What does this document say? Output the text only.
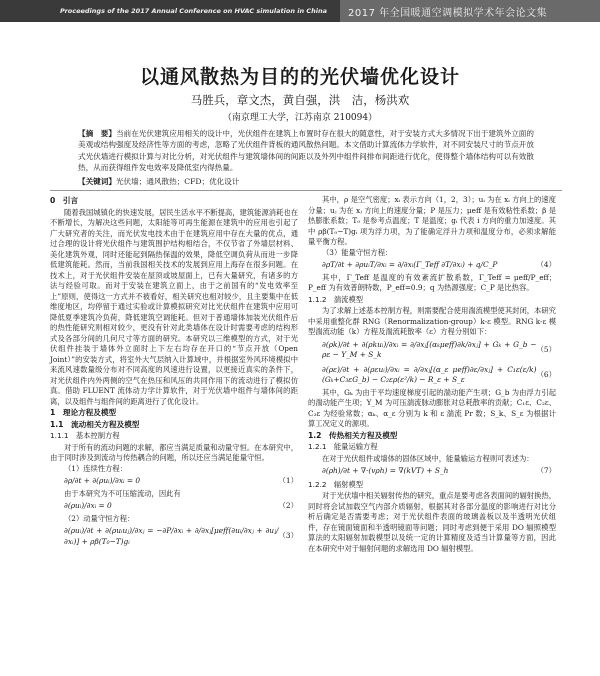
Proceedings of the 2017 Annual Conference on HVAC simulation in China	2017 年全国暖通空调模拟学术年会论文集
以通风散热为目的的光伏墙优化设计
马胜兵，章文杰，黄自强，洪　洁，杨洪欢
（南京理工大学，江苏南京 210094）
【摘　要】当前在光伏建筑应用相关的设计中，光伏组件在建筑上布置时存在很大的随意性，对于安装方式大多情况下出于建筑外立面的美观或结构强度及经济性等方面的考虑，忽略了光伏组件背板的通风散热问题。本文借助计算流体力学软件，对不同安装尺寸的节点开放式光伏墙进行模拟计算与对比分析，对光伏组件与建筑墙体间的间距以及外列中组件间排布间距进行优化，使得整个墙体结构可以有效散热，从而获得组件发电效率及降低室内得热量。
【关键词】光伏墙；通风散热；CFD；优化设计
0　引言

随着我国城镇化的快速发展，居民生活水平不断提高，建筑能源消耗也在不断增长，为解决这些问题，太阳能等可再生能源在建筑中的应用也引起了广大研究者的关注，而光伏发电技术由于在建筑应用中存在大量的优点，通过合理的设计将光伏组件与建筑围护结构相结合，不仅节省了外墙层材料、美化建筑外观，同时还能起到隔热保温的效果，降低空调负荷从而进一步降低建筑能耗。然而，当前我国相关技术的发展到应用上海存在很多问题。在技术上，对于光伏组件安装在屋顶或坡屋面上，已有大量研究，有诸多的方法与经验可取。而对于安装在建筑立面上，由于之前国有的“发电效率至上”原则，使得这一方式并不被看好，相关研究也相对较少，且主要集中在低维度地区，均停留于通过实验或计算模拟研究对比光伏组件在建筑中应用可降低夏季建筑冷负荷，降低建筑空调能耗。但对于普通墙体加装光伏组件后的热性能研究则相对较少，更没有针对此类墙体在设计时需要考虑的结构形式及各部分间的几何尺寸等方面的研究。本研究以三维模型的方式，对于光伏组件挂装于墙体外立面时上下左右均存在开口的“节点开放（Open Joint）”的安装方式，将室外大气层纳入计算域中，并根据室外风环境模拟中来流风速数量级分布对不同高度的风速进行设置，以更接近真实的条件下，对光伏组件内外两侧的空气在热压和风压的共同作用下的流动进行了模拟仿真。借助 FLUENT 流体动力学计算软件，对于光伏墙中组件与墙体间的距离，以及组件与组件间的距离进行了优化设计。

1　理论方程及模型
1.1　流动相关方程及模型
1.1.1　基本控制方程

对于所有的流动问题的求解，都应当满足质量和动量守恒。在本研究中，由于同时涉及到流动与传热耦合的问题，所以还应当满足能量守恒。

（1）连续性方程：
∂ρ/∂t + ∂(ρuᵢ)/∂xᵢ = 0	（1）
由于本研究为不可压缩流动，因此有
∂(ρuᵢ)/∂xᵢ = 0	（2）
（2）动量守恒方程：
∂(ρuᵢ)/∂t + ∂(ρuᵢuⱼ)/∂xⱼ = −∂P/∂xᵢ + ∂/∂xⱼ[μeff(∂uᵢ/∂xⱼ + ∂uⱼ/∂xᵢ)] + ρβ(T₀−T)gᵢ
（3）

其中，ρ 是空气密度；xᵢ 表示方向（1，2，3）；uᵢ 为在 xᵢ 方向上的速度分量；uⱼ 为在 xⱼ 方向上的速度分量；P 是压力；μeff 是有效粘性系数；β 是热膨胀系数；T₀ 是参考点温度；T 是温度；gᵢ 代表 i 方向的重力加速度。其中 ρβ(T₀−T)gᵢ 项为浮力项，为了能确定浮升力项和温度分布，必须求解能量平衡方程。

（3）能量守恒方程：
∂ρT/∂t + ∂ρuᵢT/∂xᵢ = ∂/∂xᵢ(Γ_Teff ∂T/∂xᵢ) + q/C_P	（4）

其中，Γ_Teff 是温度的有效紊流扩散系数，Γ_Teff = μeff/P_eff；P_eff 为有效普朗特数，P_eff=0.9；q 为热源强度；C_P 是比热容。

1.1.2　湍流模型

为了求解上述基本控制方程，则需要配合使用湍流模型使其封闭，本研究中采用重整化群 RNG（Renormalization-group）k-ε 模型。RNG k-ε 模型湍流动能（k）方程及湍流耗散率（ε）方程分别如下：

∂(ρk)/∂t + ∂(ρkuᵢ)/∂xᵢ = ∂/∂xⱼ[(αₖμeff)∂k/∂xⱼ] + Gₖ + G_b − ρε − Y_M + S_k
（5）
∂(ρε)/∂t + ∂(ρεuᵢ)/∂xᵢ = ∂/∂xⱼ[(α_ε μeff)∂ε/∂xⱼ] + C₁ε(ε/k)(Gₖ+C₃εG_b) − C₂ερ(ε²/k) − R_ε + S_ε
（6）

其中，Gₖ 为由于平均速度梯度引起的湍动能产生项；G_b 为由浮力引起的湍动能产生项；Y_M 为可压湍流脉动膨胀对总耗散率的贡献；C₁ε、C₂ε、C₃ε 为经验常数；αₖ、α_ε 分别为 k 和 ε 湍流 Pr 数；S_k、S_ε 为根据计算工况定义的源项。

1.2　传热相关方程及模型
1.2.1　能量运输方程

在对于光伏组件或墙体的固体区域中，能量输运方程则可表述为：

∂(ρh)/∂t + ∇·(vρh) = ∇(kVT) + S_h	（7）
1.2.2　辐射模型

对于光伏墙中相关辐射传热的研究，重点是要考虑各表面间的辐射换热，同时将会试加载空气内部介质辐射，根据其对各部分温度的影响进行对比分析后确定是否需要考虑；对于光伏组件表面的玻璃盖板以及半透明光伏组件，存在镜面镜面和半透明镜面等问题；同时考虑到便于采用 DO 辐照模型算法的太阳辐射加载模型以及统一定的计算精度及适当计算量等方面，因此在本研究中对于辐射问题的求解选用 DO 辐射模型。
